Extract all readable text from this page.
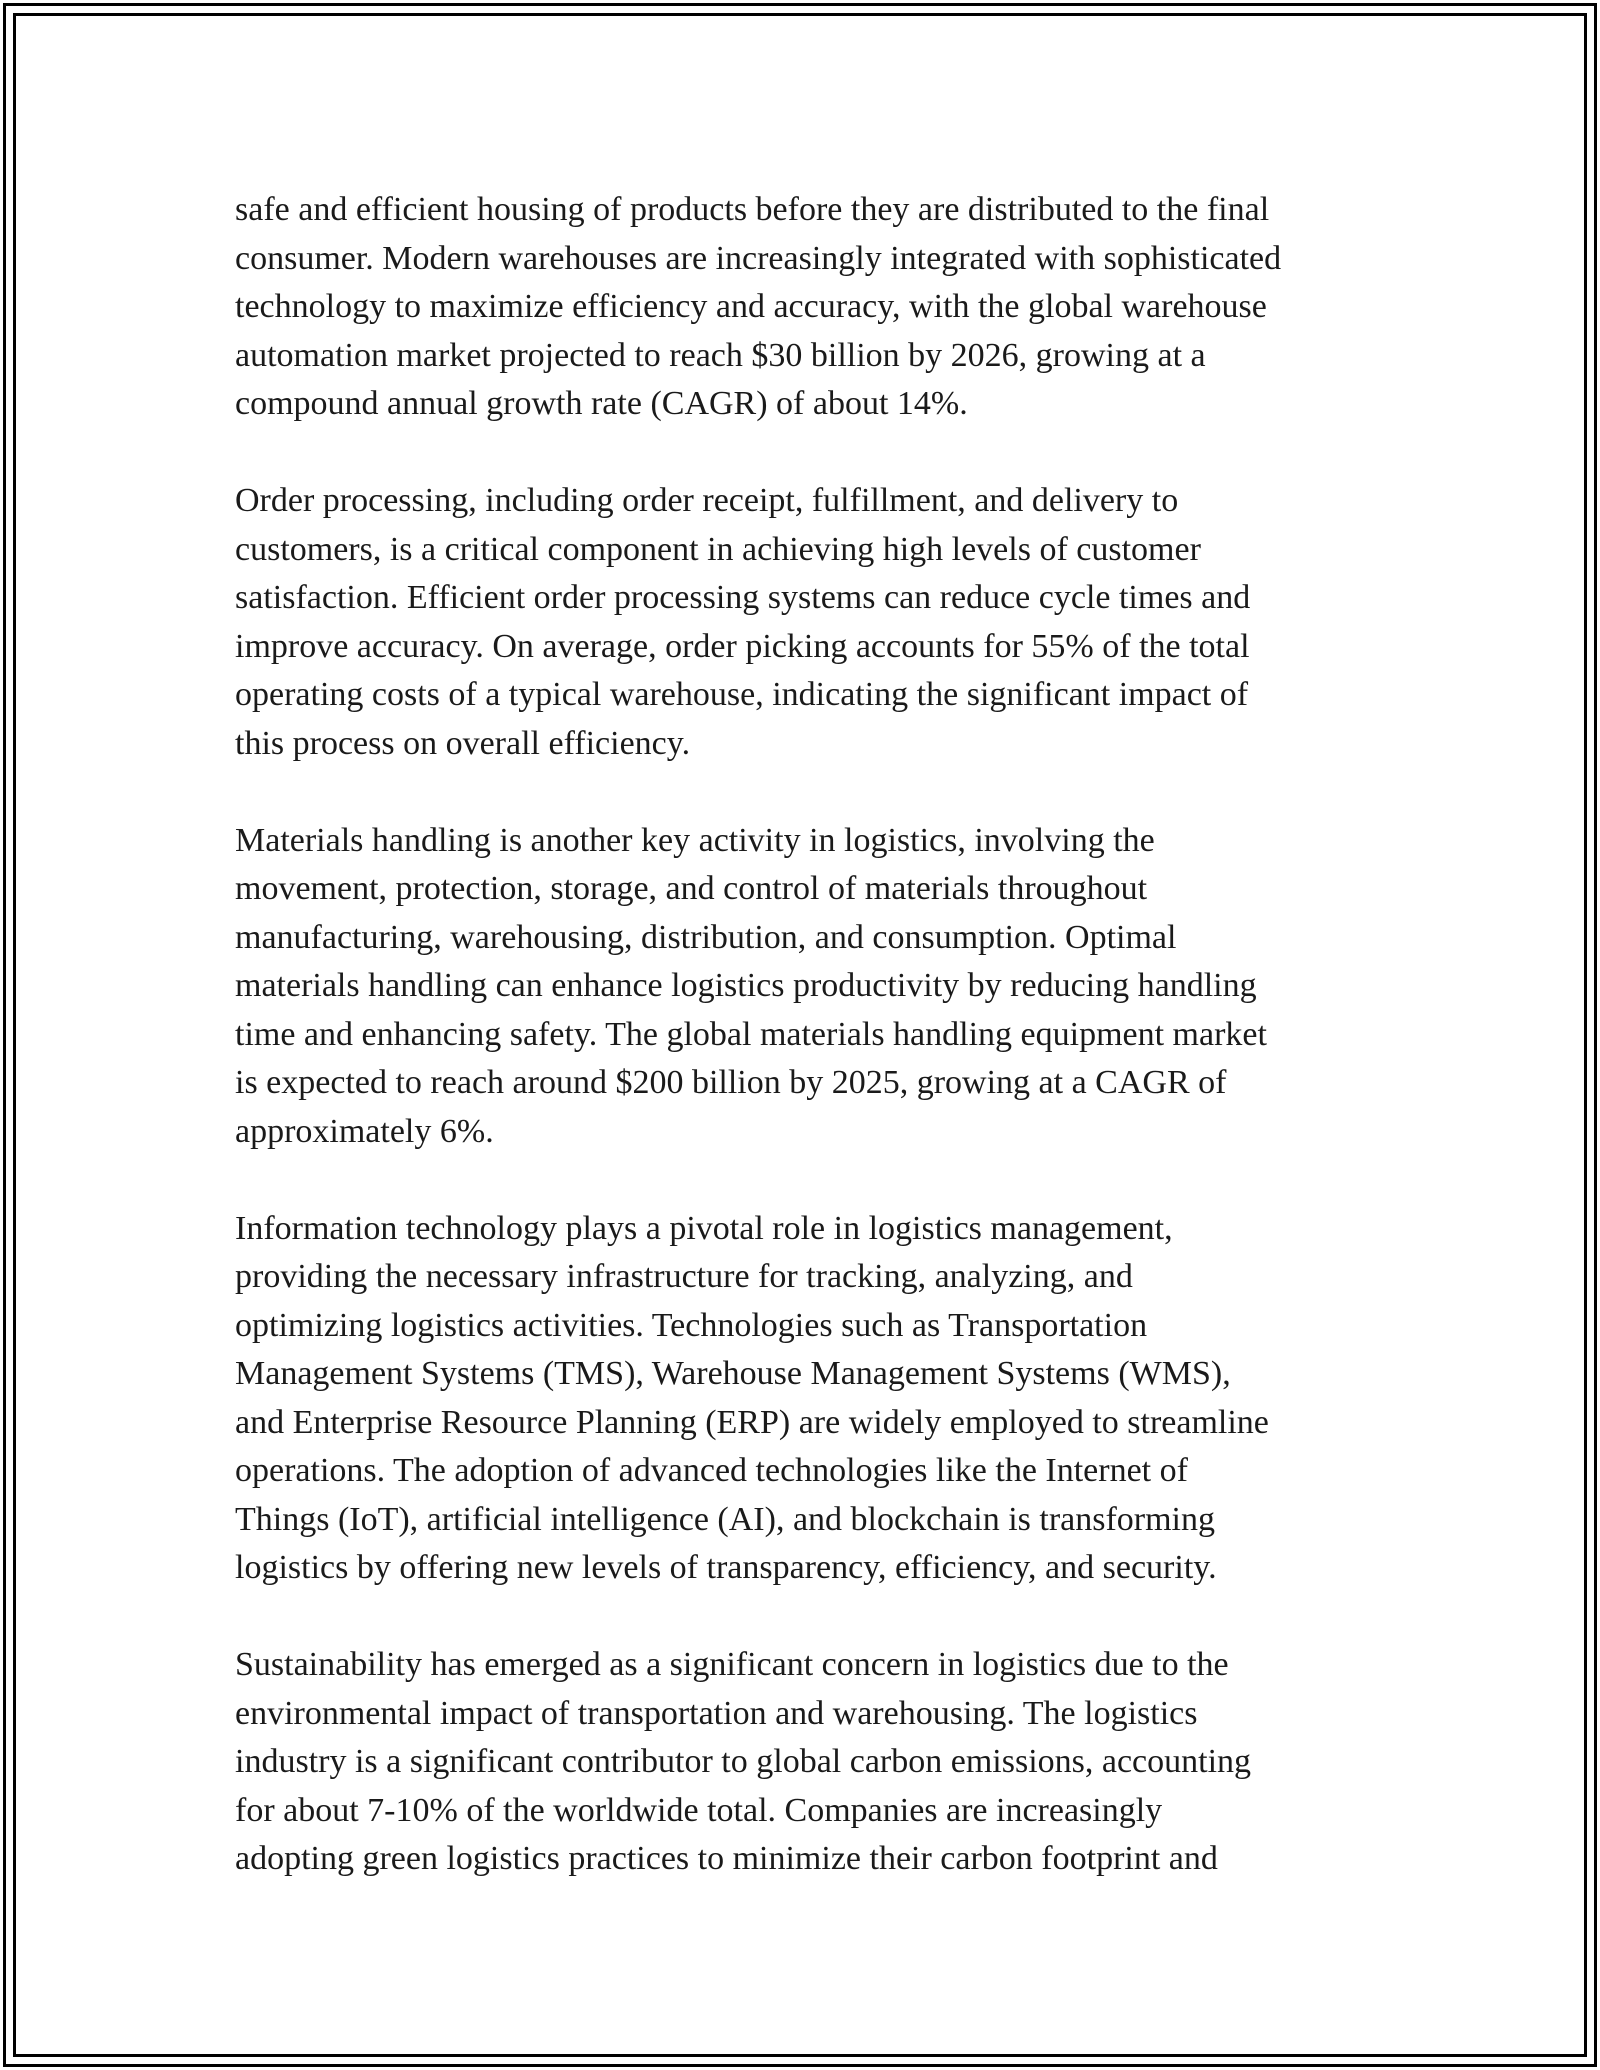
safe and efficient housing of products before they are distributed to the final
consumer. Modern warehouses are increasingly integrated with sophisticated
technology to maximize efficiency and accuracy, with the global warehouse
automation market projected to reach $30 billion by 2026, growing at a
compound annual growth rate (CAGR) of about 14%.

Order processing, including order receipt, fulfillment, and delivery to
customers, is a critical component in achieving high levels of customer
satisfaction. Efficient order processing systems can reduce cycle times and
improve accuracy. On average, order picking accounts for 55% of the total
operating costs of a typical warehouse, indicating the significant impact of
this process on overall efficiency.

Materials handling is another key activity in logistics, involving the
movement, protection, storage, and control of materials throughout
manufacturing, warehousing, distribution, and consumption. Optimal
materials handling can enhance logistics productivity by reducing handling
time and enhancing safety. The global materials handling equipment market
is expected to reach around $200 billion by 2025, growing at a CAGR of
approximately 6%.

Information technology plays a pivotal role in logistics management,
providing the necessary infrastructure for tracking, analyzing, and
optimizing logistics activities. Technologies such as Transportation
Management Systems (TMS), Warehouse Management Systems (WMS),
and Enterprise Resource Planning (ERP) are widely employed to streamline
operations. The adoption of advanced technologies like the Internet of
Things (IoT), artificial intelligence (AI), and blockchain is transforming
logistics by offering new levels of transparency, efficiency, and security.

Sustainability has emerged as a significant concern in logistics due to the
environmental impact of transportation and warehousing. The logistics
industry is a significant contributor to global carbon emissions, accounting
for about 7-10% of the worldwide total. Companies are increasingly
adopting green logistics practices to minimize their carbon footprint and
